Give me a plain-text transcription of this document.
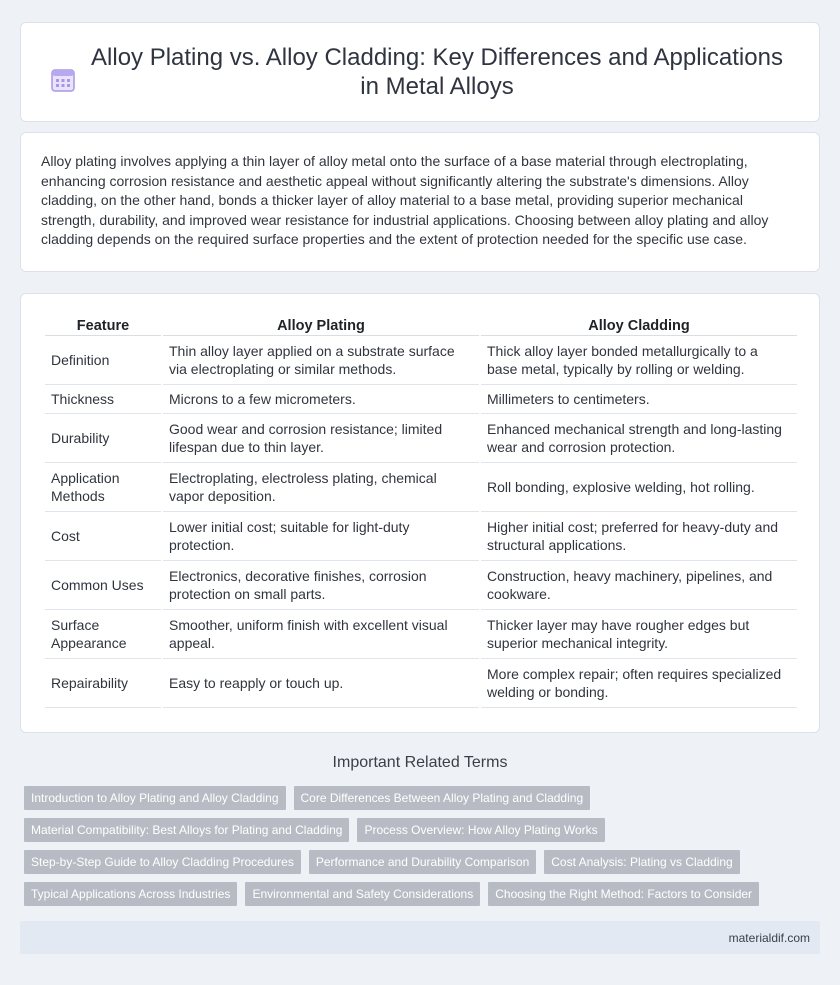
Alloy Plating vs. Alloy Cladding: Key Differences and Applications in Metal Alloys

Alloy plating involves applying a thin layer of alloy metal onto the surface of a base material through electroplating, enhancing corrosion resistance and aesthetic appeal without significantly altering the substrate's dimensions. Alloy cladding, on the other hand, bonds a thicker layer of alloy material to a base metal, providing superior mechanical strength, durability, and improved wear resistance for industrial applications. Choosing between alloy plating and alloy cladding depends on the required surface properties and the extent of protection needed for the specific use case.

Feature	Alloy Plating	Alloy Cladding
Definition	Thin alloy layer applied on a substrate surface via electroplating or similar methods.	Thick alloy layer bonded metallurgically to a base metal, typically by rolling or welding.
Thickness	Microns to a few micrometers.	Millimeters to centimeters.
Durability	Good wear and corrosion resistance; limited lifespan due to thin layer.	Enhanced mechanical strength and long-lasting wear and corrosion protection.
Application Methods	Electroplating, electroless plating, chemical vapor deposition.	Roll bonding, explosive welding, hot rolling.
Cost	Lower initial cost; suitable for light-duty protection.	Higher initial cost; preferred for heavy-duty and structural applications.
Common Uses	Electronics, decorative finishes, corrosion protection on small parts.	Construction, heavy machinery, pipelines, and cookware.
Surface Appearance	Smoother, uniform finish with excellent visual appeal.	Thicker layer may have rougher edges but superior mechanical integrity.
Repairability	Easy to reapply or touch up.	More complex repair; often requires specialized welding or bonding.
Important Related Terms
Introduction to Alloy Plating and Alloy Cladding	Core Differences Between Alloy Plating and Cladding
Material Compatibility: Best Alloys for Plating and Cladding	Process Overview: How Alloy Plating Works
Step-by-Step Guide to Alloy Cladding Procedures	Performance and Durability Comparison	Cost Analysis: Plating vs Cladding
Typical Applications Across Industries	Environmental and Safety Considerations	Choosing the Right Method: Factors to Consider
materialdif.com
